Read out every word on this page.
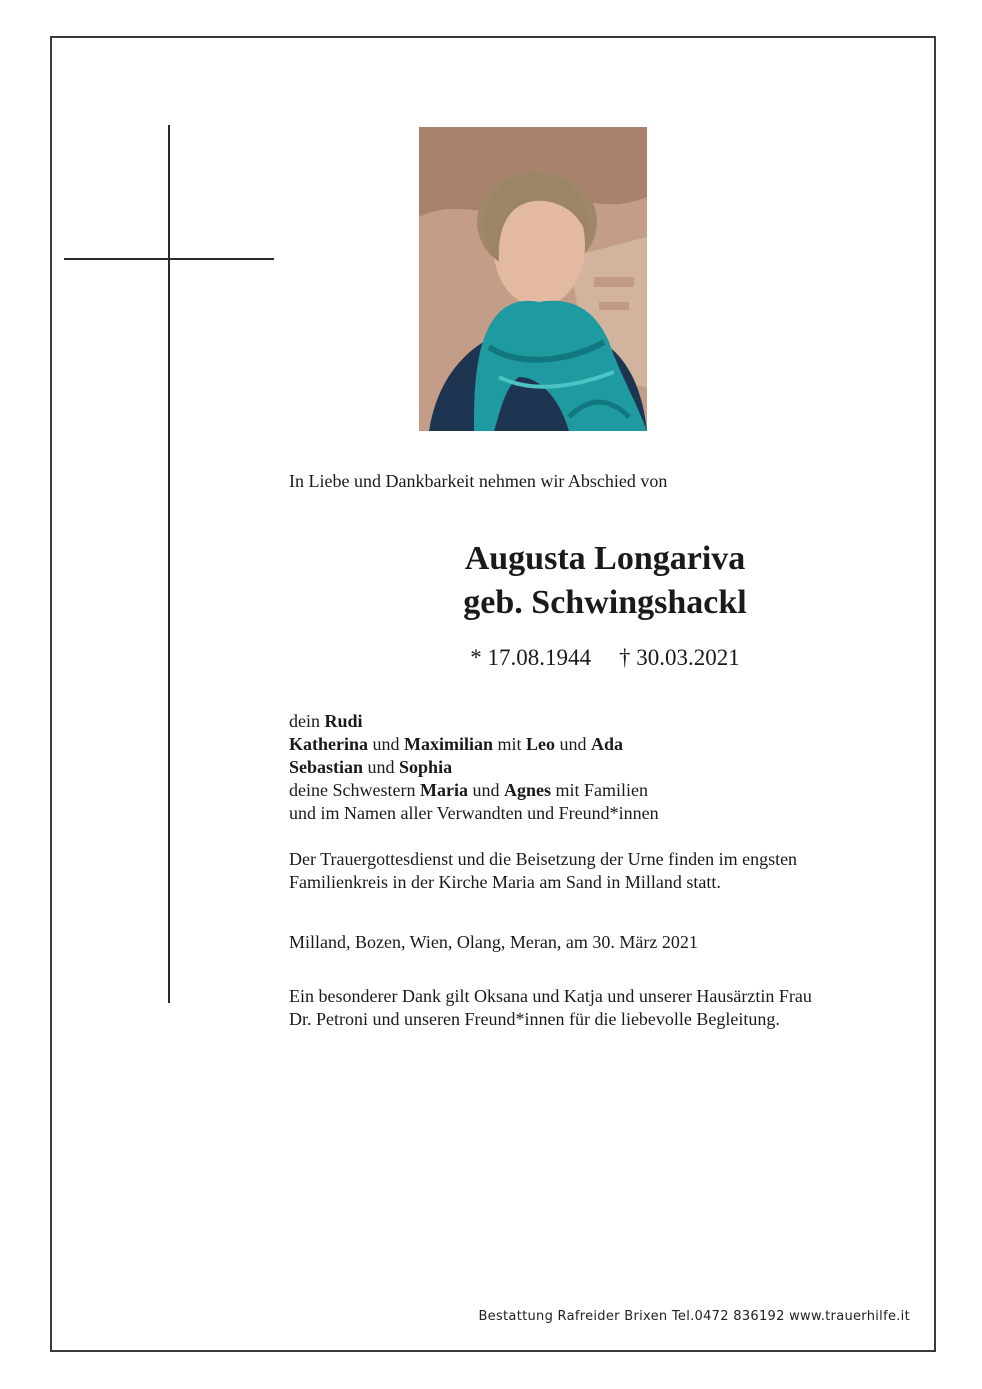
In Liebe und Dankbarkeit nehmen wir Abschied von
Augusta Longariva
geb. Schwingshackl
* 17.08.1944 † 30.03.2021
dein Rudi
Katherina und Maximilian mit Leo und Ada
Sebastian und Sophia
deine Schwestern Maria und Agnes mit Familien
und im Namen aller Verwandten und Freund*innen
Der Trauergottesdienst und die Beisetzung der Urne finden im engsten
Familienkreis in der Kirche Maria am Sand in Milland statt.
Milland, Bozen, Wien, Olang, Meran, am 30. März 2021
Ein besonderer Dank gilt Oksana und Katja und unserer Hausärztin Frau
Dr. Petroni und unseren Freund*innen für die liebevolle Begleitung.
Bestattung Rafreider Brixen Tel.0472 836192 www.trauerhilfe.it
